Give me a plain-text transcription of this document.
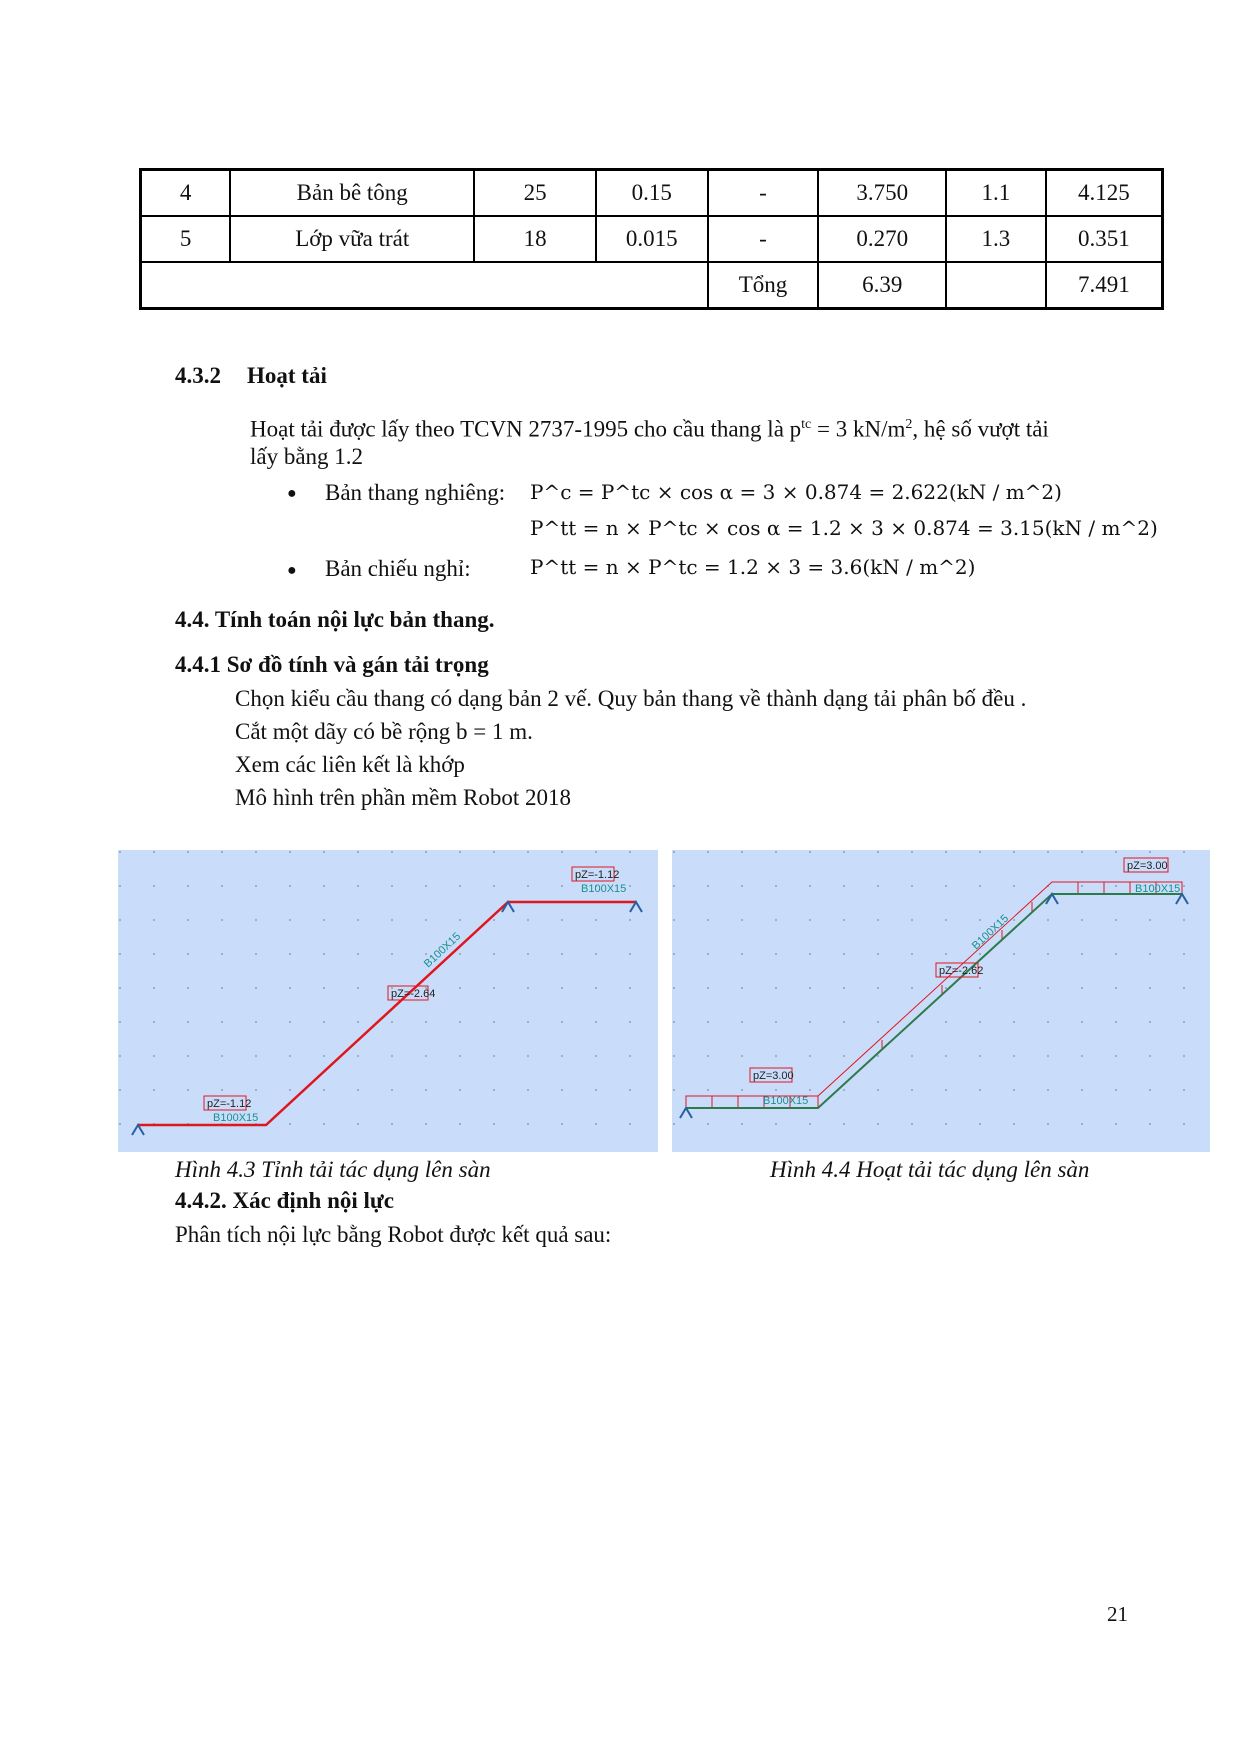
4	Bản bê tông	25	0.15	-	3.750	1.1	4.125
5	Lớp vữa trát	18	0.015	-	0.270	1.3	0.351
				Tổng	6.39		7.491
4.3.2 Hoạt tải
Hoạt tải được lấy theo TCVN 2737-1995 cho cầu thang là $p^{tc} = 3$ $kN/m^2$, hệ số vượt tải
lấy bằng 1.2
● Bản thang nghiêng: P^c = P^tc × cos α = 3 × 0.874 = 2.622(kN / m^2)
P^tt = n × P^tc × cos α = 1.2 × 3 × 0.874 = 3.15(kN / m^2)
● Bản chiếu nghỉ:	P^tt = n × P^tc = 1.2 × 3 = 3.6(kN / m^2)
4.4. Tính toán nội lực bản thang.
4.4.1 Sơ đồ tính và gán tải trọng
Chọn kiểu cầu thang có dạng bản 2 vế. Quy bản thang về thành dạng tải phân bố đều .
Cắt một dãy có bề rộng b = 1 m.
Xem các liên kết là khớp
Mô hình trên phần mềm Robot 2018
pZ=-1.12
B100X15
pZ=-2.64
B100X15
pZ=-1.12
B100X15
pZ=3.00
B100X15
pZ=-2.62
B100X15
pZ=3.00
B100X15
Hình 4.3 Tỉnh tải tác dụng lên sàn	Hình 4.4 Hoạt tải tác dụng lên sàn
4.4.2. Xác định nội lực
Phân tích nội lực bằng Robot được kết quả sau:
21
